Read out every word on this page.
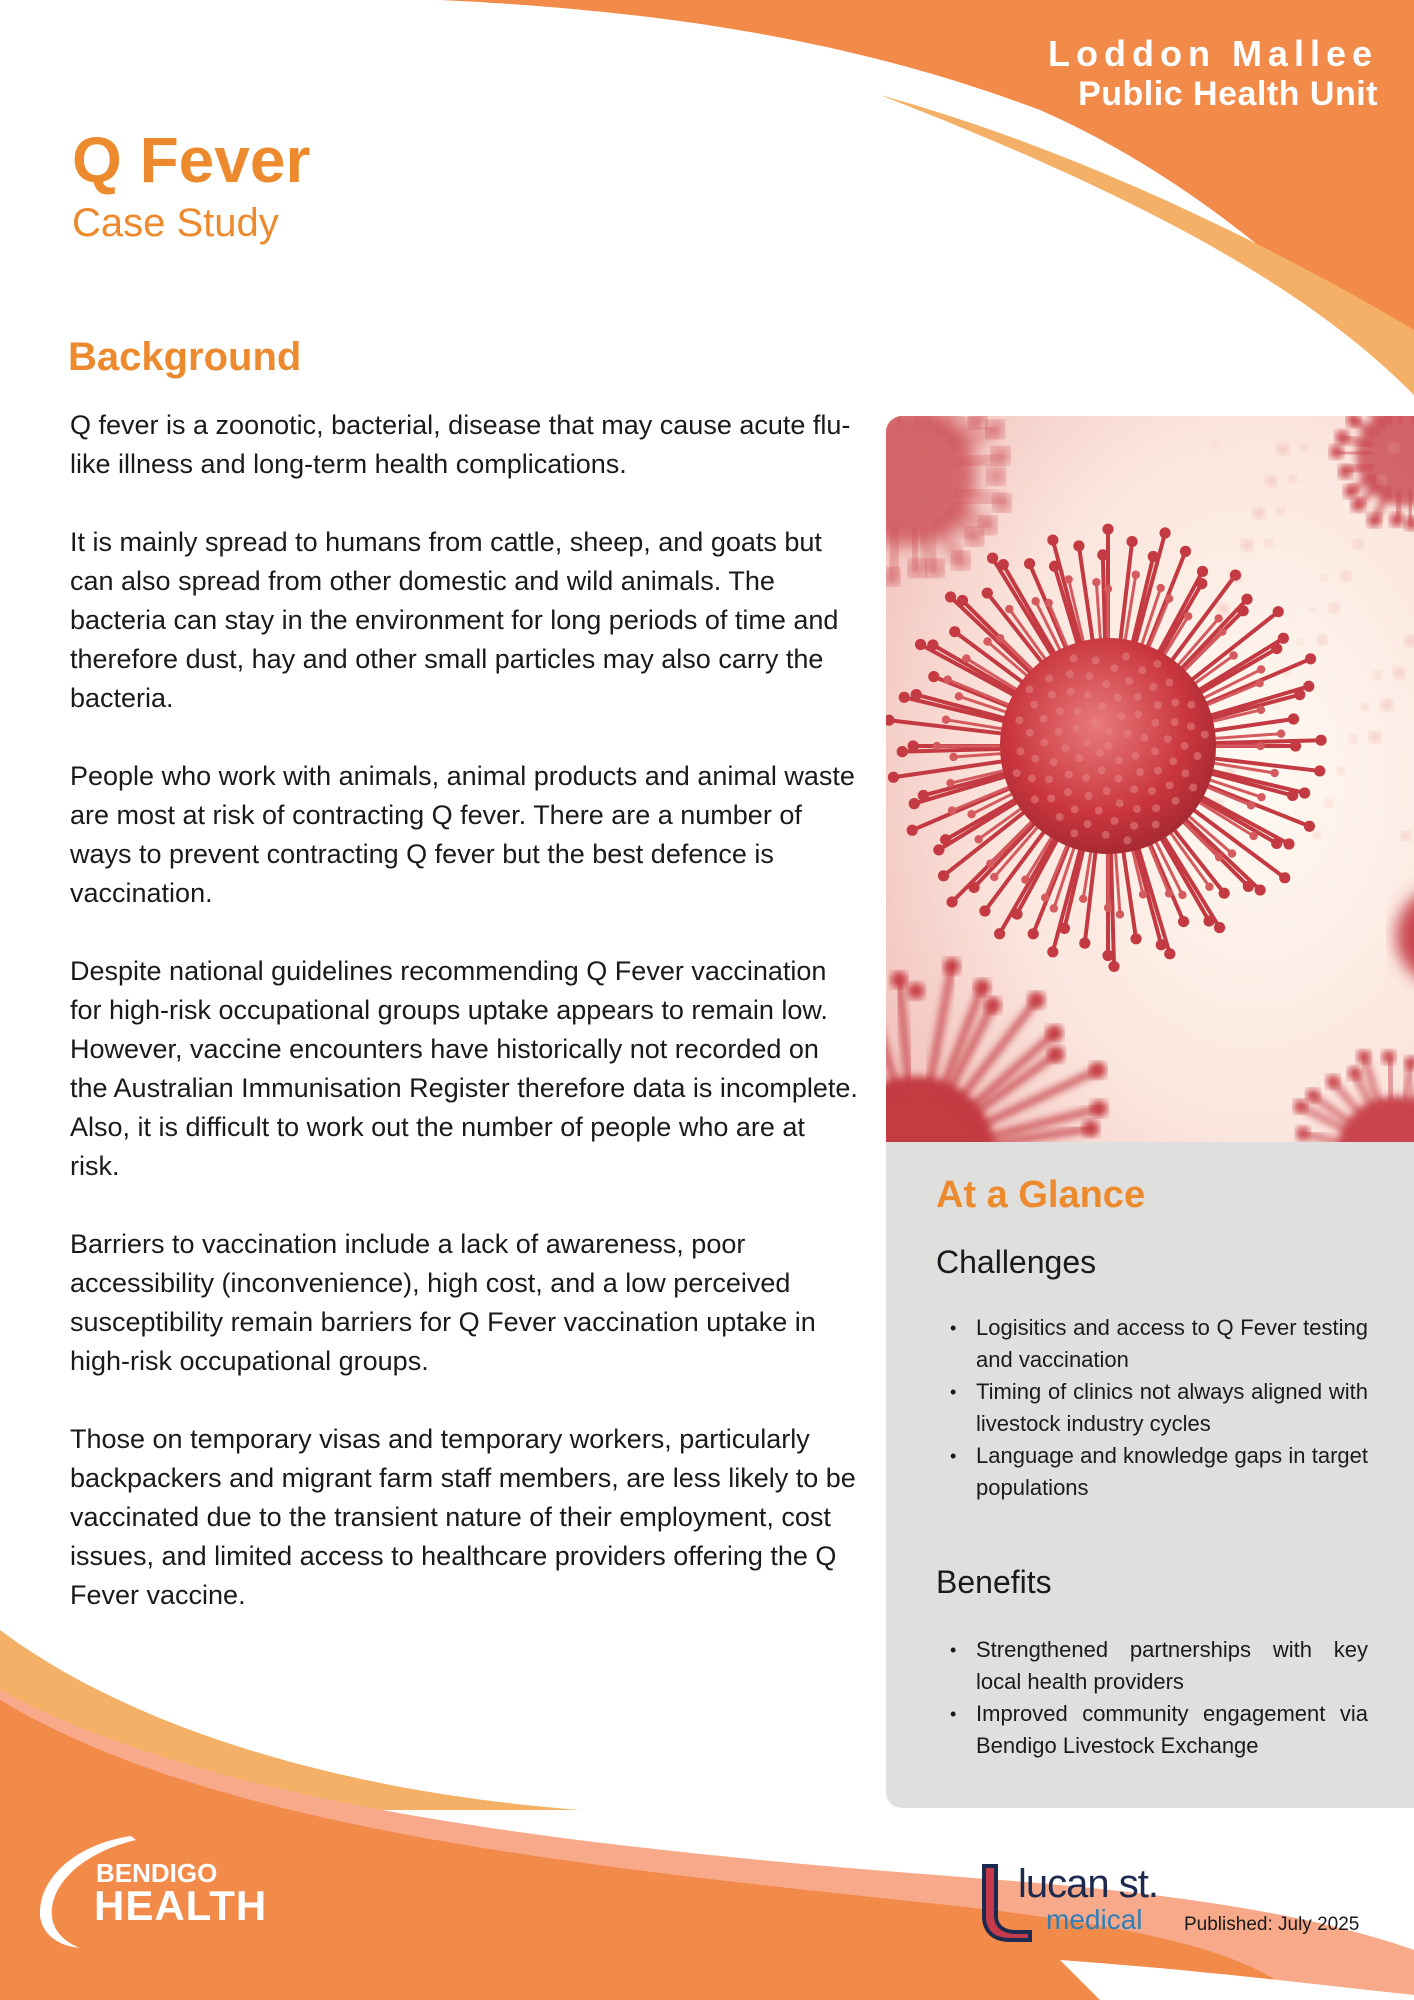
Loddon Mallee
Public Health Unit
Q Fever
Case Study
Background

Q fever is a zoonotic, bacterial, disease that may cause acute flu-like illness and long-term health complications.

It is mainly spread to humans from cattle, sheep, and goats but can also spread from other domestic and wild animals. The bacteria can stay in the environment for long periods of time and therefore dust, hay and other small particles may also carry the bacteria.

People who work with animals, animal products and animal waste are most at risk of contracting Q fever. There are a number of ways to prevent contracting Q fever but the best defence is vaccination.

Despite national guidelines recommending Q Fever vaccination for high-risk occupational groups uptake appears to remain low. However, vaccine encounters have historically not recorded on the Australian Immunisation Register therefore data is incomplete. Also, it is difficult to work out the number of people who are at risk.

Barriers to vaccination include a lack of awareness, poor accessibility (inconvenience), high cost, and a low perceived susceptibility remain barriers for Q Fever vaccination uptake in high-risk occupational groups.

Those on temporary visas and temporary workers, particularly backpackers and migrant farm staff members, are less likely to be vaccinated due to the transient nature of their employment, cost issues, and limited access to healthcare providers offering the Q Fever vaccine.

At a Glance
Challenges
• Logisitics and access to Q Fever testing and vaccination
• Timing of clinics not always aligned with livestock industry cycles
• Language and knowledge gaps in target populations
Benefits
• Strengthened partnerships with key local health providers
• Improved community engagement via Bendigo Livestock Exchange
BENDIGO
HEALTH	lucan st.
medical Published: July 2025
